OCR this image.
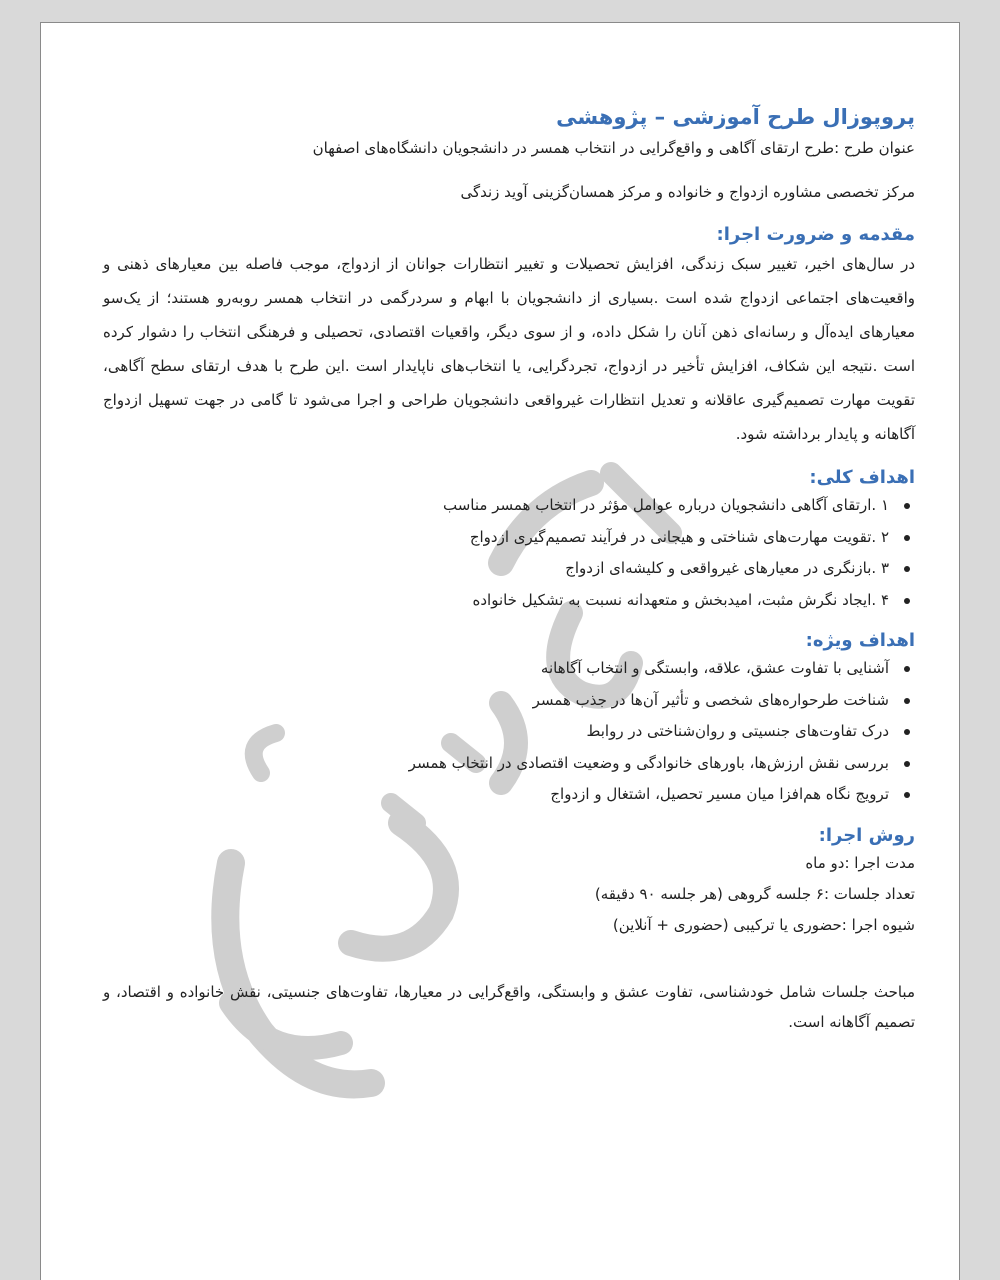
پروپوزال طرح آموزشی – پژوهشی

عنوان طرح :طرح ارتقای آگاهی و واقع‌گرایی در انتخاب همسر در دانشجویان دانشگاه‌های اصفهان

مرکز تخصصی مشاوره ازدواج و خانواده و مرکز همسان‌گزینی آوید زندگی

مقدمه و ضرورت اجرا:

در سال‌های اخیر، تغییر سبک زندگی، افزایش تحصیلات و تغییر انتظارات جوانان از ازدواج، موجب فاصله بین معیارهای ذهنی و واقعیت‌های اجتماعی ازدواج شده است .بسیاری از دانشجویان با ابهام و سردرگمی در انتخاب همسر روبه‌رو هستند؛ از یک‌سو معیارهای ایده‌آل و رسانه‌ای ذهن آنان را شکل داده، و از سوی دیگر، واقعیات اقتصادی، تحصیلی و فرهنگی انتخاب را دشوار کرده است .نتیجه این شکاف، افزایش تأخیر در ازدواج، تجردگرایی، یا انتخاب‌های ناپایدار است .این طرح با هدف ارتقای سطح آگاهی، تقویت مهارت تصمیم‌گیری عاقلانه و تعدیل انتظارات غیرواقعی دانشجویان طراحی و اجرا می‌شود تا گامی در جهت تسهیل ازدواج آگاهانه و پایدار برداشته شود.

اهداف کلی:
۱ .ارتقای آگاهی دانشجویان درباره عوامل مؤثر در انتخاب همسر مناسب
۲ .تقویت مهارت‌های شناختی و هیجانی در فرآیند تصمیم‌گیری ازدواج
۳ .بازنگری در معیارهای غیرواقعی و کلیشه‌ای ازدواج
۴ .ایجاد نگرش مثبت، امیدبخش و متعهدانه نسبت به تشکیل خانواده
اهداف ویژه:
آشنایی با تفاوت عشق، علاقه، وابستگی و انتخاب آگاهانه
شناخت طرحواره‌های شخصی و تأثیر آن‌ها در جذب همسر
درک تفاوت‌های جنسیتی و روان‌شناختی در روابط
بررسی نقش ارزش‌ها، باورهای خانوادگی و وضعیت اقتصادی در انتخاب همسر
ترویج نگاه هم‌افزا میان مسیر تحصیل، اشتغال و ازدواج
روش اجرا:

مدت اجرا :دو ماه

تعداد جلسات :۶ جلسه گروهی (هر جلسه ۹۰ دقیقه)

شیوه اجرا :حضوری یا ترکیبی (حضوری + آنلاین)

مباحث جلسات شامل خودشناسی، تفاوت عشق و وابستگی، واقع‌گرایی در معیارها، تفاوت‌های جنسیتی، نقش خانواده و اقتصاد، و تصمیم آگاهانه است.
